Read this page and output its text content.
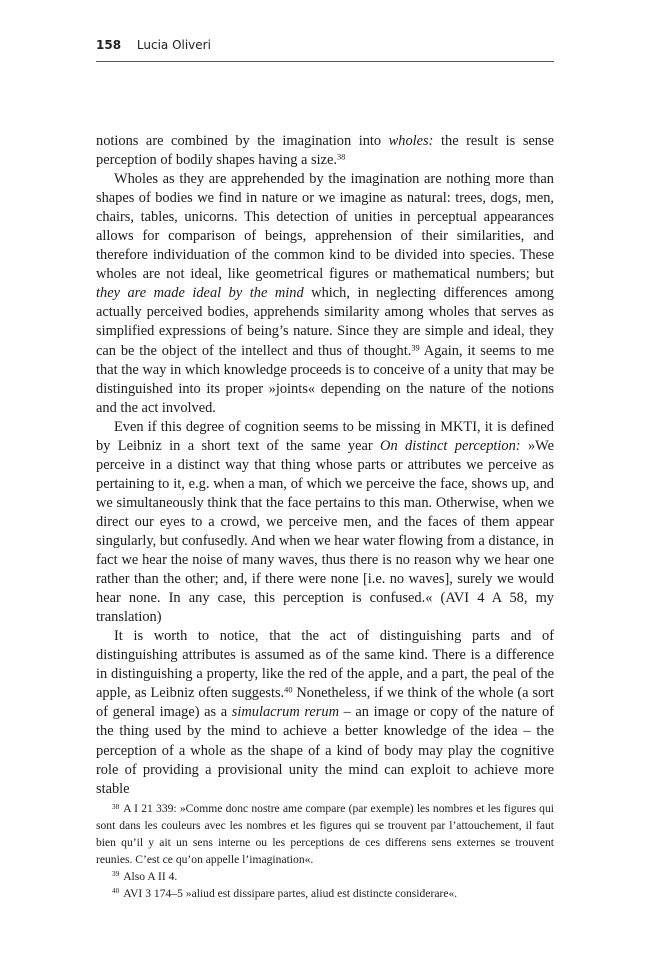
158 Lucia Oliveri

notions are combined by the imagination into wholes: the result is sense perception of bodily shapes having a size.$^{38}$

Wholes as they are apprehended by the imagination are nothing more than shapes of bodies we find in nature or we imagine as natural: trees, dogs, men, chairs, tables, unicorns. This detection of unities in perceptual appearances allows for comparison of beings, apprehension of their similarities, and therefore individuation of the common kind to be divided into species. These wholes are not ideal, like geometrical figures or mathematical numbers; but they are made ideal by the mind which, in neglecting differences among actually perceived bodies, apprehends similarity among wholes that serves as simplified expressions of being’s nature. Since they are simple and ideal, they can be the object of the intellect and thus of thought.$^{39}$ Again, it seems to me that the way in which knowledge proceeds is to conceive of a unity that may be distinguished into its proper »joints« depending on the nature of the notions and the act involved.

Even if this degree of cognition seems to be missing in MKTI, it is defined by Leibniz in a short text of the same year On distinct perception: »We perceive in a distinct way that thing whose parts or attributes we perceive as pertaining to it, e.g. when a man, of which we perceive the face, shows up, and we simultaneously think that the face pertains to this man. Otherwise, when we direct our eyes to a crowd, we perceive men, and the faces of them appear singularly, but confusedly. And when we hear water flowing from a distance, in fact we hear the noise of many waves, thus there is no reason why we hear one rather than the other; and, if there were none [i.e. no waves], surely we would hear none. In any case, this perception is confused.« (AVI 4 A 58, my translation)

It is worth to notice, that the act of distinguishing parts and of distinguishing attributes is assumed as of the same kind. There is a difference in distinguishing a property, like the red of the apple, and a part, the peal of the apple, as Leibniz often suggests.$^{40}$ Nonetheless, if we think of the whole (a sort of general image) as a simulacrum rerum – an image or copy of the nature of the thing used by the mind to achieve a better knowledge of the idea – the perception of a whole as the shape of a kind of body may play the cognitive role of providing a provisional unity the mind can exploit to achieve more stable

$^{38}$ A I 21 339: »Comme donc nostre ame compare (par exemple) les nombres et les figures qui sont dans les couleurs avec les nombres et les figures qui se trouvent par l’attouchement, il faut bien qu’il y ait un sens interne ou les perceptions de ces differens sens externes se trouvent reunies. C’est ce qu’on appelle l’imagination«.

$^{39}$ Also A II 4.

$^{40}$ AVI 3 174–5 »aliud est dissipare partes, aliud est distincte considerare«.
